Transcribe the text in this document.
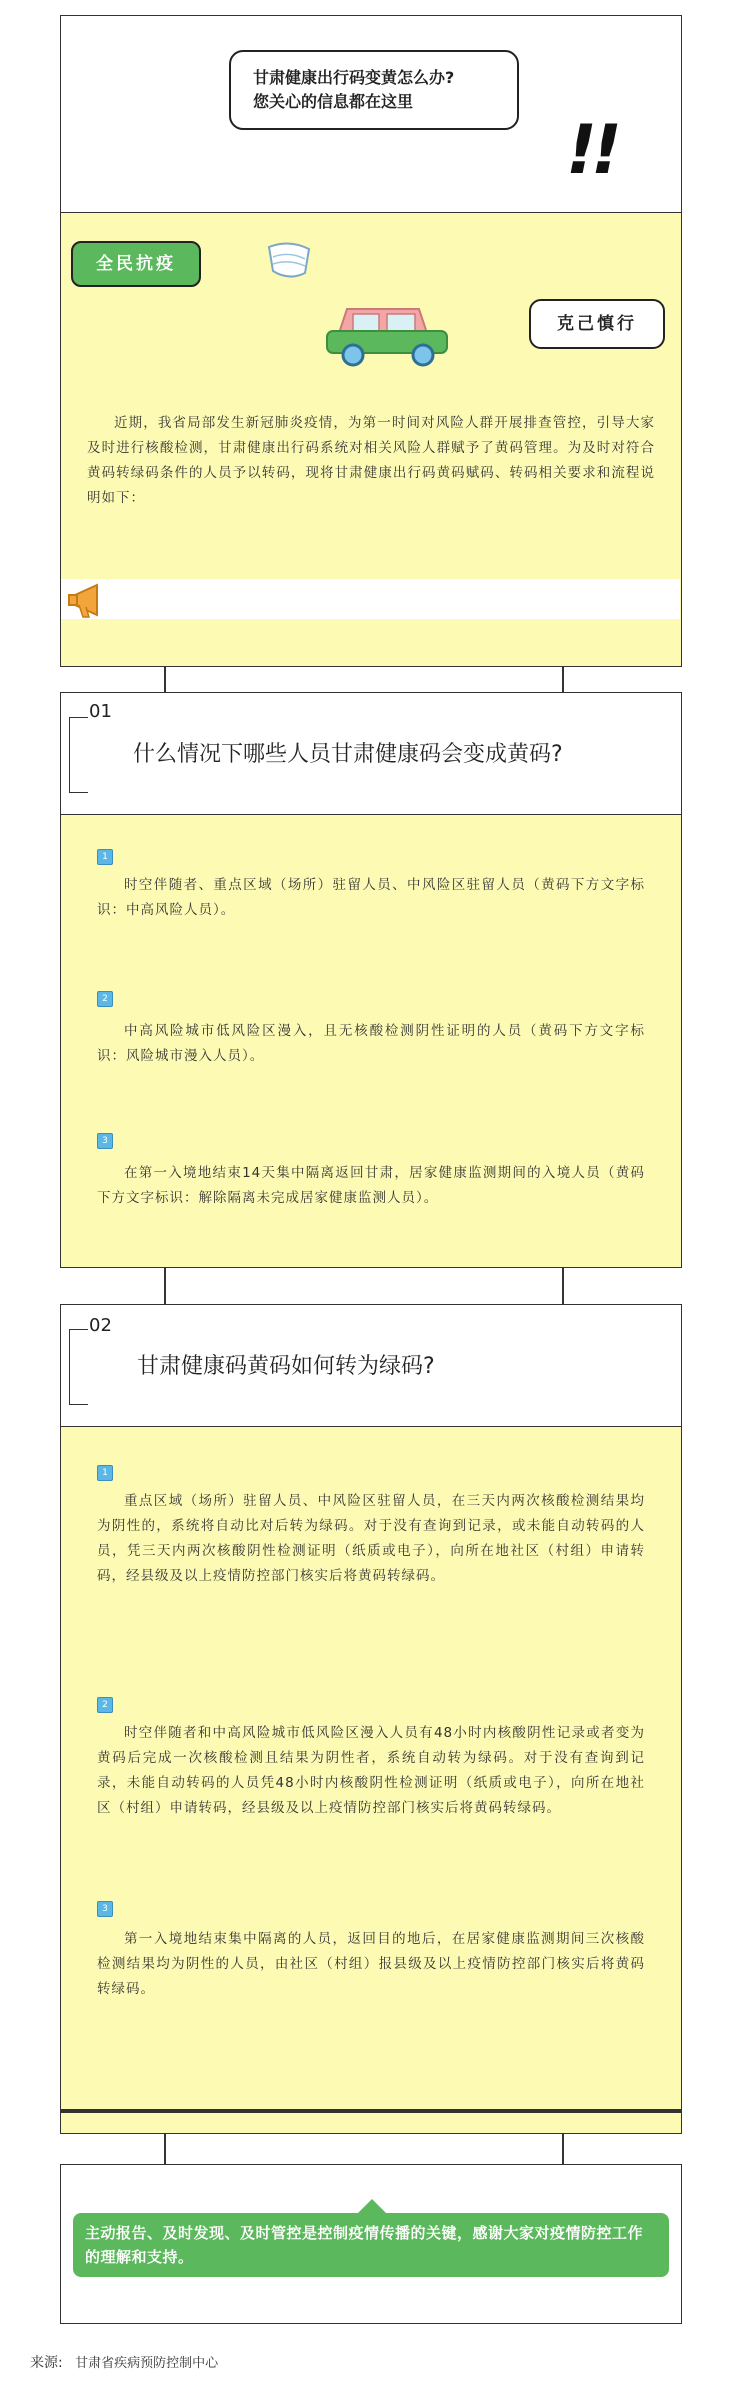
甘肃健康出行码变黄怎么办?
您关心的信息都在这里
!!
全民抗疫
克己慎行
近期，我省局部发生新冠肺炎疫情，为第一时间对风险人群开展排查管控，引导大家及时进行核酸检测，甘肃健康出行码系统对相关风险人群赋予了黄码管理。为及时对符合黄码转绿码条件的人员予以转码，现将甘肃健康出行码黄码赋码、转码相关要求和流程说明如下：
01
什么情况下哪些人员甘肃健康码会变成黄码?
1
时空伴随者、重点区域（场所）驻留人员、中风险区驻留人员（黄码下方文字标识：中高风险人员）。
2
中高风险城市低风险区漫入，且无核酸检测阴性证明的人员（黄码下方文字标识：风险城市漫入人员）。
3
在第一入境地结束14天集中隔离返回甘肃，居家健康监测期间的入境人员（黄码下方文字标识：解除隔离未完成居家健康监测人员）。
02
甘肃健康码黄码如何转为绿码?
1
重点区域（场所）驻留人员、中风险区驻留人员，在三天内两次核酸检测结果均为阴性的，系统将自动比对后转为绿码。对于没有查询到记录，或未能自动转码的人员，凭三天内两次核酸阴性检测证明（纸质或电子），向所在地社区（村组）申请转码，经县级及以上疫情防控部门核实后将黄码转绿码。
2
时空伴随者和中高风险城市低风险区漫入人员有48小时内核酸阴性记录或者变为黄码后完成一次核酸检测且结果为阴性者，系统自动转为绿码。对于没有查询到记录，未能自动转码的人员凭48小时内核酸阴性检测证明（纸质或电子），向所在地社区（村组）申请转码，经县级及以上疫情防控部门核实后将黄码转绿码。
3
第一入境地结束集中隔离的人员，返回目的地后，在居家健康监测期间三次核酸检测结果均为阴性的人员，由社区（村组）报县级及以上疫情防控部门核实后将黄码转绿码。
主动报告、及时发现、及时管控是控制疫情传播的关键，感谢大家对疫情防控工作的理解和支持。
来源: 甘肃省疾病预防控制中心
